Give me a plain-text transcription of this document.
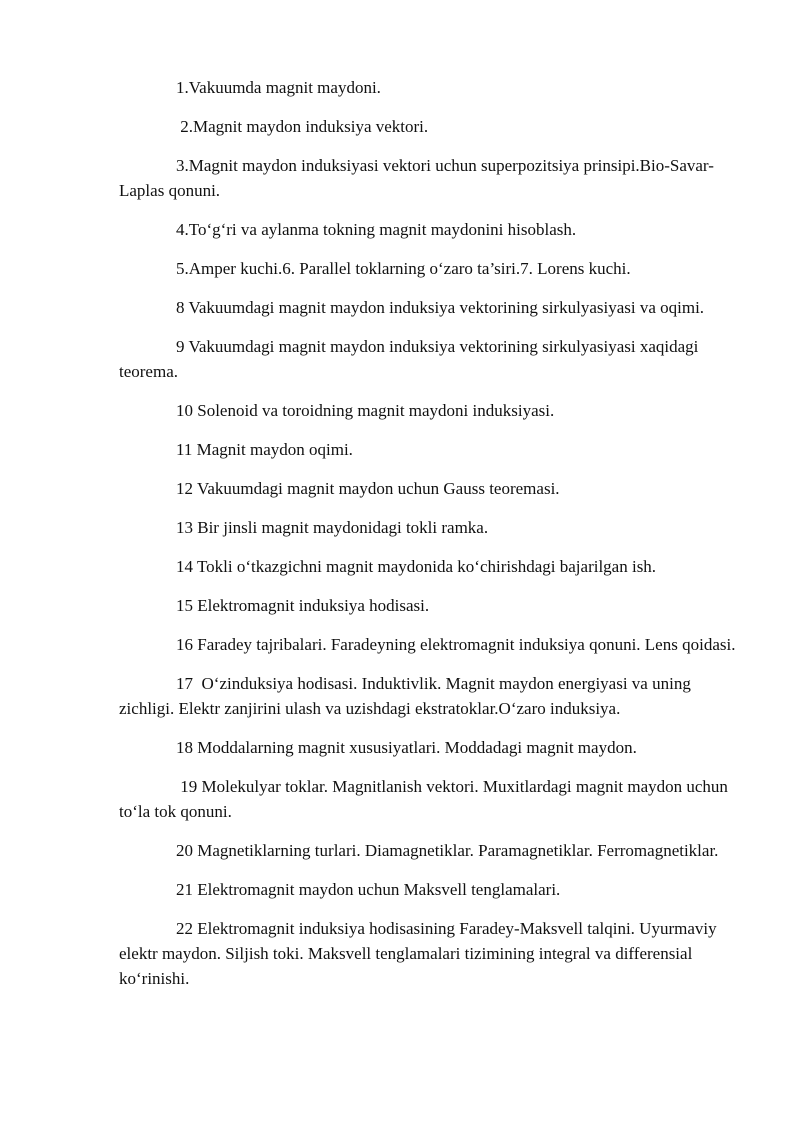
1.Vakuumda magnit maydoni.

2.Magnit maydon induksiya vektori.

3.Magnit maydon induksiyasi vektori uchun superpozitsiya prinsipi.Bio-Savar-Laplas qonuni.

4.To‘g‘ri va aylanma tokning magnit maydonini hisoblash.

5.Amper kuchi.6. Parallel toklarning o‘zaro ta’siri.7. Lorens kuchi.

8 Vakuumdagi magnit maydon induksiya vektorining sirkulyasiyasi va oqimi.

9 Vakuumdagi magnit maydon induksiya vektorining sirkulyasiyasi xaqidagi teorema.

10 Solenoid va toroidning magnit maydoni induksiyasi.

11 Magnit maydon oqimi.

12 Vakuumdagi magnit maydon uchun Gauss teoremasi.

13 Bir jinsli magnit maydonidagi tokli ramka.

14 Tokli o‘tkazgichni magnit maydonida ko‘chirishdagi bajarilgan ish.

15 Elektromagnit induksiya hodisasi.

16 Faradey tajribalari. Faradeyning elektromagnit induksiya qonuni. Lens qoidasi.

17  O‘zinduksiya hodisasi. Induktivlik. Magnit maydon energiyasi va uning zichligi. Elektr zanjirini ulash va uzishdagi ekstratoklar.O‘zaro induksiya.

18 Moddalarning magnit xususiyatlari. Moddadagi magnit maydon.

19 Molekulyar toklar. Magnitlanish vektori. Muxitlardagi magnit maydon uchun to‘la tok qonuni.

20 Magnetiklarning turlari. Diamagnetiklar. Paramagnetiklar. Ferromagnetiklar.

21 Elektromagnit maydon uchun Maksvell tenglamalari.

22 Elektromagnit induksiya hodisasining Faradey-Maksvell talqini. Uyurmaviy elektr maydon. Siljish toki. Maksvell tenglamalari tizimining integral va differensial ko‘rinishi.
